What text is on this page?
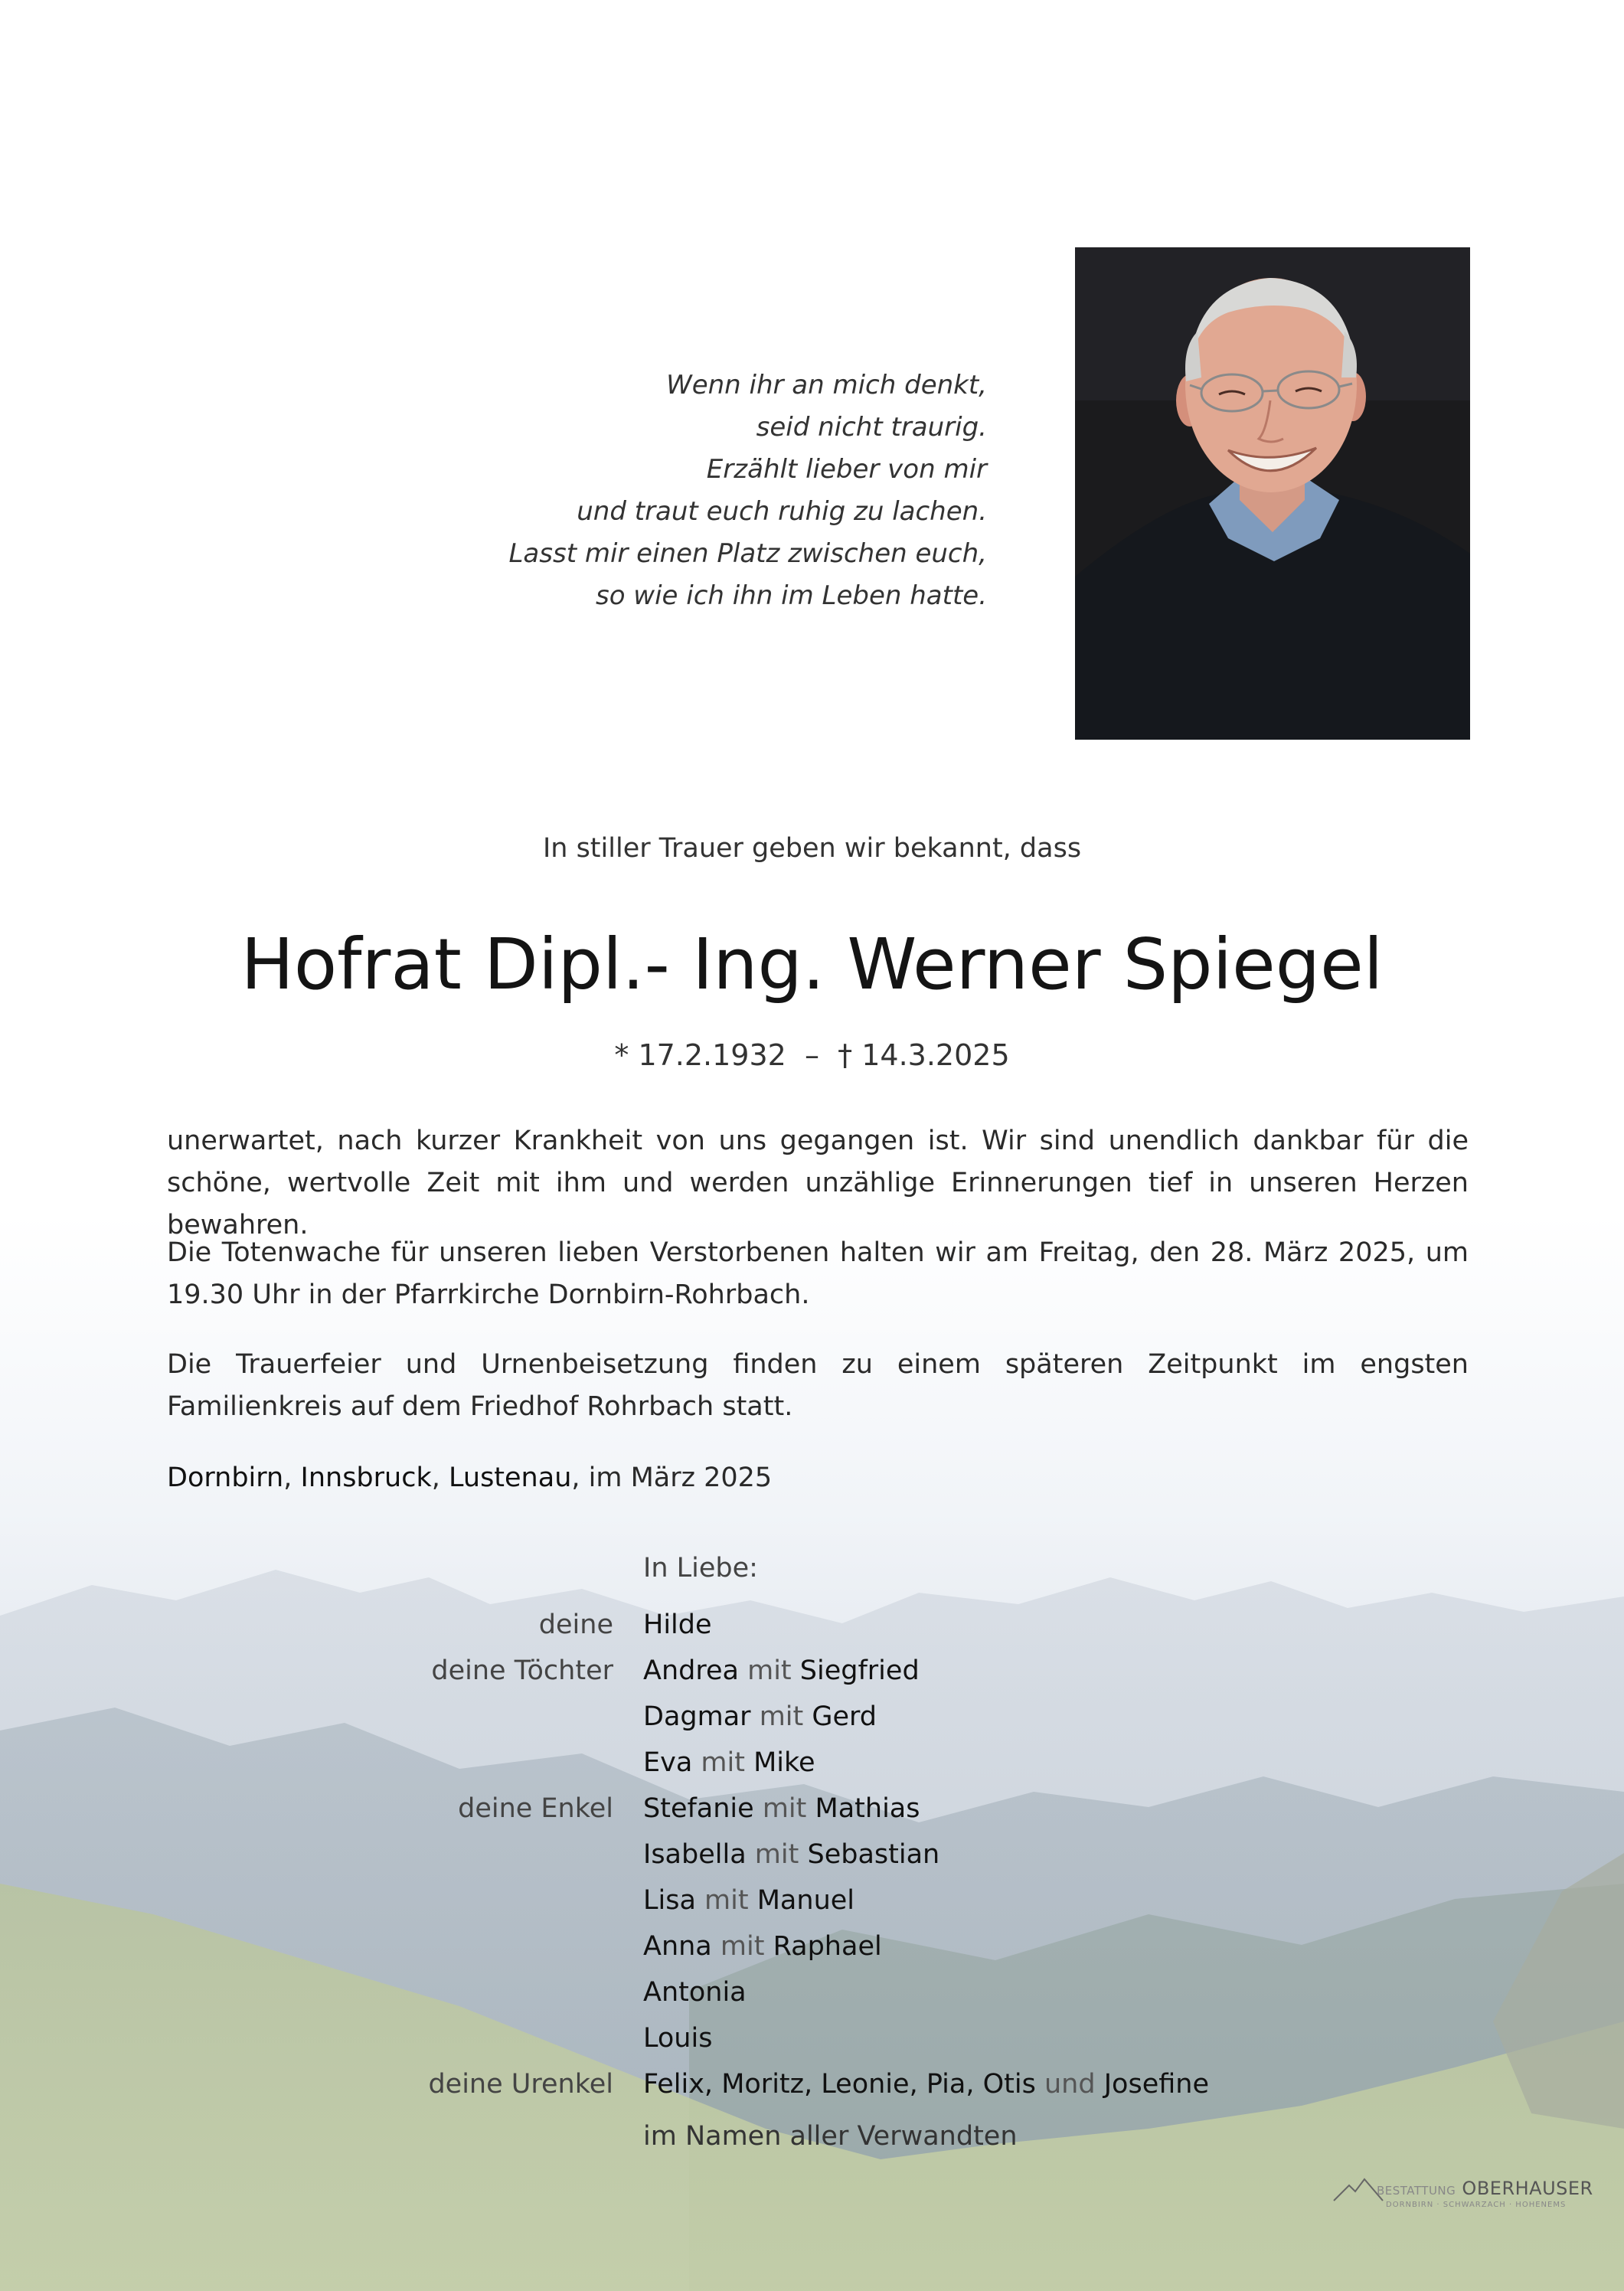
Wenn ihr an mich denkt,
seid nicht traurig.
Erzählt lieber von mir
und traut euch ruhig zu lachen.
Lasst mir einen Platz zwischen euch,
so wie ich ihn im Leben hatte.
In stiller Trauer geben wir bekannt, dass
Hofrat Dipl.- Ing. Werner Spiegel
* 17.2.1932  –  † 14.3.2025
unerwartet, nach kurzer Krankheit von uns gegangen ist. Wir sind unendlich dankbar für die schöne, wertvolle Zeit mit ihm und werden unzählige Erinnerungen tief in unseren Herzen bewahren.
Die Totenwache für unseren lieben Verstorbenen halten wir am Freitag, den 28. März 2025, um 19.30 Uhr in der Pfarrkirche Dornbirn-Rohrbach.
Die Trauerfeier und Urnenbeisetzung finden zu einem späteren Zeitpunkt im engsten Familienkreis auf dem Friedhof Rohrbach statt.
Dornbirn, Innsbruck, Lustenau, im März 2025
In Liebe:
deine Hilde
deine Töchter Andrea mit Siegfried
Dagmar mit Gerd
Eva mit Mike
deine Enkel Stefanie mit Mathias
Isabella mit Sebastian
Lisa mit Manuel
Anna mit Raphael
Antonia
Louis
deine Urenkel Felix, Moritz, Leonie, Pia, Otis und Josefine
im Namen aller Verwandten
BESTATTUNG OBERHAUSER
DORNBIRN · SCHWARZACH · HOHENEMS
